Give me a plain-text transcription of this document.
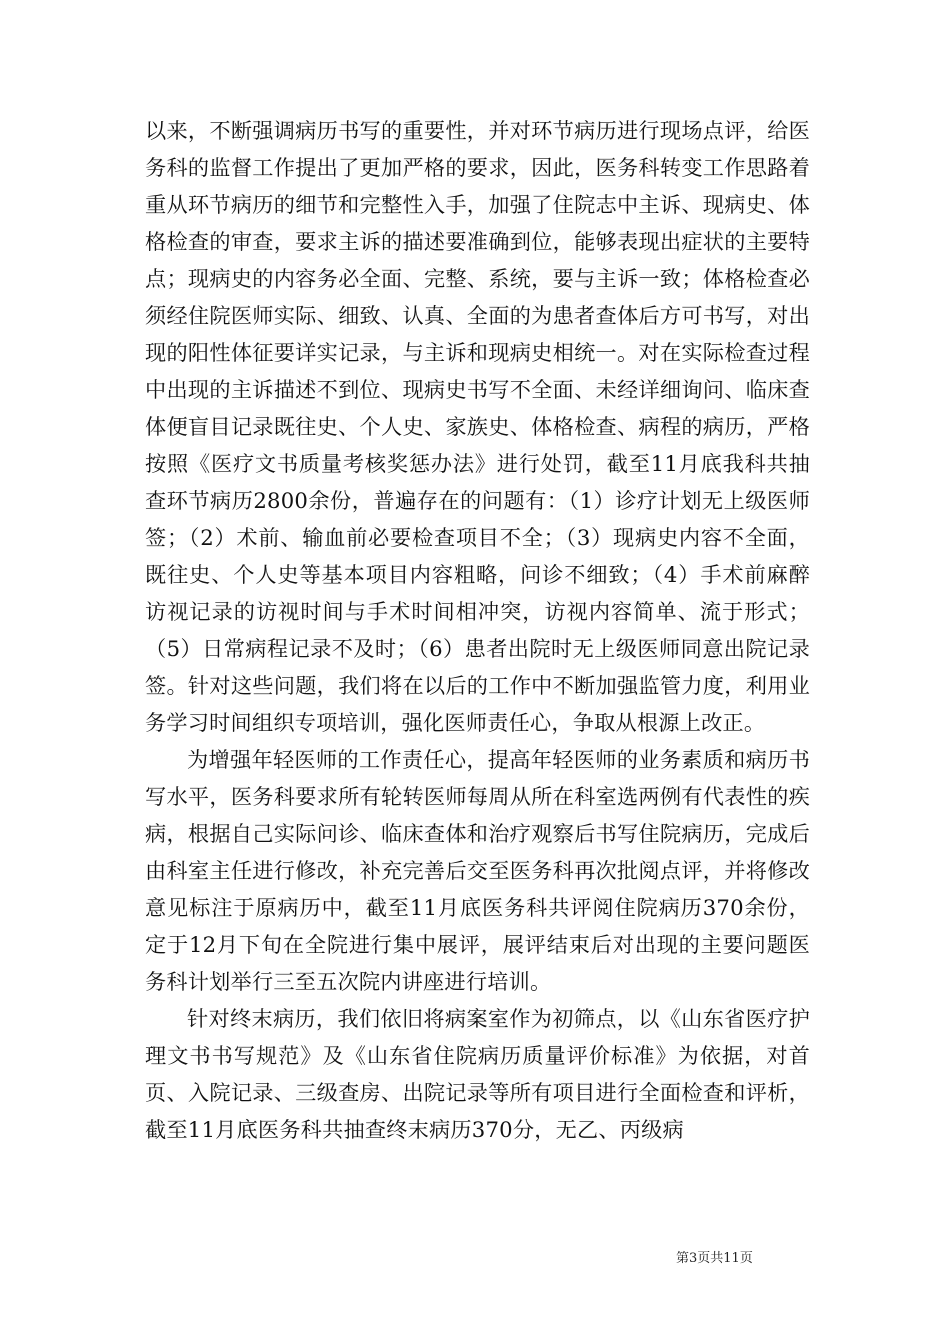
以来，不断强调病历书写的重要性，并对环节病历进行现场点评，给医务科的监督工作提出了更加严格的要求，因此，医务科转变工作思路着重从环节病历的细节和完整性入手，加强了住院志中主诉、现病史、体格检查的审查，要求主诉的描述要准确到位，能够表现出症状的主要特点；现病史的内容务必全面、完整、系统，要与主诉一致；体格检查必须经住院医师实际、细致、认真、全面的为患者查体后方可书写，对出现的阳性体征要详实记录，与主诉和现病史相统一。对在实际检查过程中出现的主诉描述不到位、现病史书写不全面、未经详细询问、临床查体便盲目记录既往史、个人史、家族史、体格检查、病程的病历，严格按照《医疗文书质量考核奖惩办法》进行处罚，截至11月底我科共抽查环节病历2800余份，普遍存在的问题有：（1）诊疗计划无上级医师签；（2）术前、输血前必要检查项目不全；（3）现病史内容不全面，既往史、个人史等基本项目内容粗略，问诊不细致；（4）手术前麻醉访视记录的访视时间与手术时间相冲突，访视内容简单、流于形式；（5）日常病程记录不及时；（6）患者出院时无上级医师同意出院记录签。针对这些问题，我们将在以后的工作中不断加强监管力度，利用业务学习时间组织专项培训，强化医师责任心，争取从根源上改正。

为增强年轻医师的工作责任心，提高年轻医师的业务素质和病历书写水平，医务科要求所有轮转医师每周从所在科室选两例有代表性的疾病，根据自己实际问诊、临床查体和治疗观察后书写住院病历，完成后由科室主任进行修改，补充完善后交至医务科再次批阅点评，并将修改意见标注于原病历中，截至11月底医务科共评阅住院病历370余份，定于12月下旬在全院进行集中展评，展评结束后对出现的主要问题医务科计划举行三至五次院内讲座进行培训。

针对终末病历，我们依旧将病案室作为初筛点，以《山东省医疗护理文书书写规范》及《山东省住院病历质量评价标准》为依据，对首页、入院记录、三级查房、出院记录等所有项目进行全面检查和评析，截至11月底医务科共抽查终末病历370分，无乙、丙级病

第3页共11页
